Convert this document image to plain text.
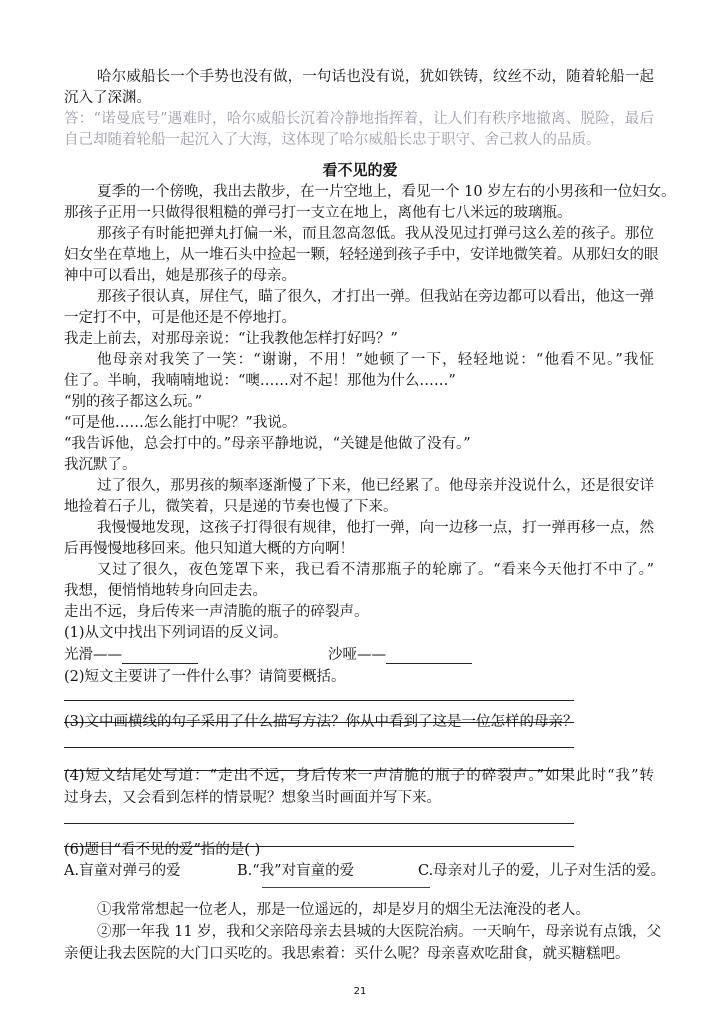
哈尔威船长一个手势也没有做，一句话也没有说，犹如铁铸，纹丝不动，随着轮船一起
沉入了深渊。
答：“诺曼底号”遇难时，哈尔威船长沉着冷静地指挥着，让人们有秩序地撤离、脱险，最后
自己却随着轮船一起沉入了大海，这体现了哈尔威船长忠于职守、舍己救人的品质。
看不见的爱
夏季的一个傍晚，我出去散步，在一片空地上，看见一个 10 岁左右的小男孩和一位妇女。
那孩子正用一只做得很粗糙的弹弓打一支立在地上，离他有七八米远的玻璃瓶。
那孩子有时能把弹丸打偏一米，而且忽高忽低。我从没见过打弹弓这么差的孩子。那位
妇女坐在草地上，从一堆石头中捡起一颗，轻轻递到孩子手中，安详地微笑着。从那妇女的眼
神中可以看出，她是那孩子的母亲。
那孩子很认真，屏住气，瞄了很久，才打出一弹。但我站在旁边都可以看出，他这一弹
一定打不中，可是他还是不停地打。
我走上前去，对那母亲说：“让我教他怎样打好吗？”
他母亲对我笑了一笑：“谢谢，不用！”她顿了一下，轻轻地说：“他看不见。”我怔
住了。半晌，我喃喃地说：“噢……对不起！那他为什么……”
“别的孩子都这么玩。”
“可是他……怎么能打中呢？”我说。
“我告诉他，总会打中的。”母亲平静地说，“关键是他做了没有。”
我沉默了。
过了很久，那男孩的频率逐渐慢了下来，他已经累了。他母亲并没说什么，还是很安详
地捡着石子儿，微笑着，只是递的节奏也慢了下来。
我慢慢地发现，这孩子打得很有规律，他打一弹，向一边移一点，打一弹再移一点，然
后再慢慢地移回来。他只知道大概的方向啊！
又过了很久，夜色笼罩下来，我已看不清那瓶子的轮廓了。“看来今天他打不中了。”
我想，便悄悄地转身向回走去。
走出不远，身后传来一声清脆的瓶子的碎裂声。
(1)从文中找出下列词语的反义词。
光滑——	沙哑——
(2)短文主要讲了一件什么事？请简要概括。
(3)文中画横线的句子采用了什么描写方法？你从中看到了这是一位怎样的母亲？
(4)短文结尾处写道：“走出不远，身后传来一声清脆的瓶子的碎裂声。”如果此时“我”转
过身去，又会看到怎样的情景呢？想象当时画面并写下来。
(6)题目“看不见的爱”指的是( )
A.盲童对弹弓的爱	B.“我”对盲童的爱	C.母亲对儿子的爱，儿子对生活的爱。
①我常常想起一位老人，那是一位遥远的，却是岁月的烟尘无法淹没的老人。
②那一年我 11 岁，我和父亲陪母亲去县城的大医院治病。一天晌午，母亲说有点饿，父
亲便让我去医院的大门口买吃的。我思索着：买什么呢？母亲喜欢吃甜食，就买糖糕吧。
21
